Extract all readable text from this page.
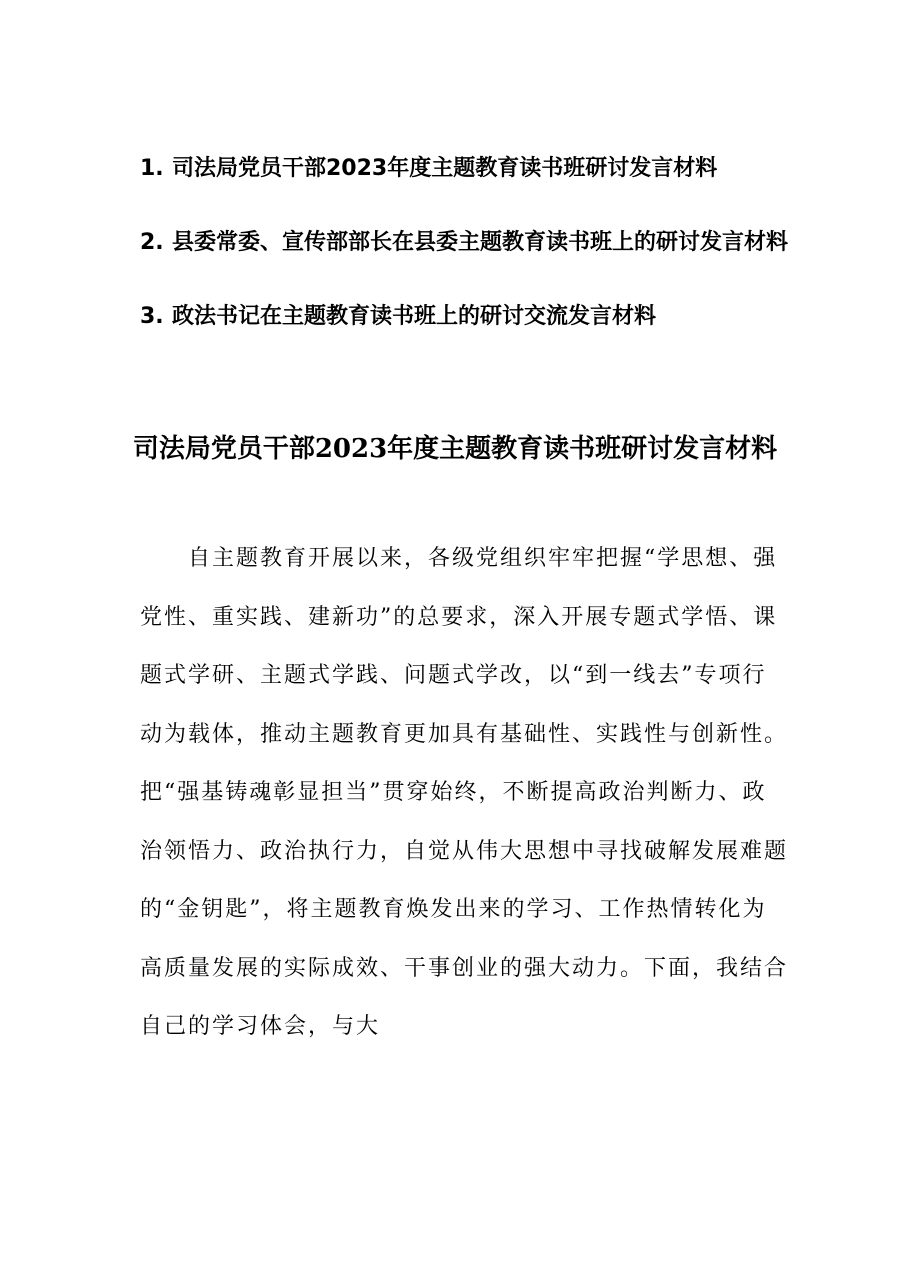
1. 司法局党员干部2023年度主题教育读书班研讨发言材料
2. 县委常委、宣传部部长在县委主题教育读书班上的研讨发言材料
3. 政法书记在主题教育读书班上的研讨交流发言材料
司法局党员干部2023年度主题教育读书班研讨发言材料

自主题教育开展以来，各级党组织牢牢把握“学思想、强党性、重实践、建新功”的总要求，深入开展专题式学悟、课题式学研、主题式学践、问题式学改，以“到一线去”专项行动为载体，推动主题教育更加具有基础性、实践性与创新性。把“强基铸魂彰显担当”贯穿始终，不断提高政治判断力、政治领悟力、政治执行力，自觉从伟大思想中寻找破解发展难题的“金钥匙”，将主题教育焕发出来的学习、工作热情转化为高质量发展的实际成效、干事创业的强大动力。下面，我结合自己的学习体会，与大
